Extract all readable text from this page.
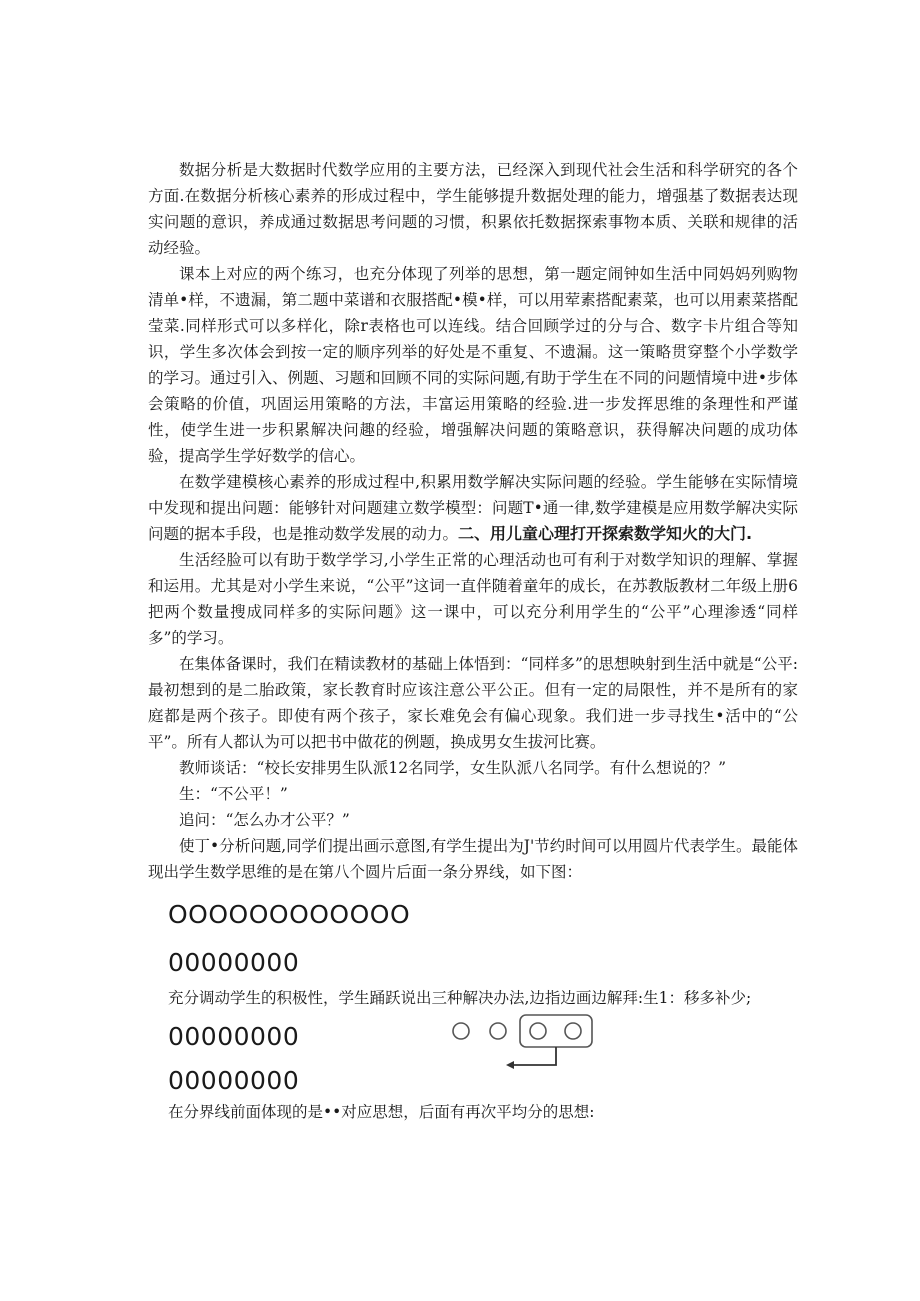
数据分析是大数据时代数学应用的主要方法，已经深入到现代社会生活和科学研究的各个方面.在数据分析核心素养的形成过程中，学生能够提升数据处理的能力，增强基了数据表达现实问题的意识，养成通过数据思考问题的习惯，积累依托数据探索事物本质、关联和规律的活动经验。

课本上对应的两个练习，也充分体现了列举的思想，第一题定闹钟如生活中同妈妈列购物清单•样，不遗漏，第二题中菜谱和衣服搭配•模•样，可以用荤素搭配素菜，也可以用素菜搭配莹菜.同样形式可以多样化，除r表格也可以连线。结合回顾学过的分与合、数字卡片组合等知识，学生多次体会到按一定的顺序列举的好处是不重复、不遗漏。这一策略贯穿整个小学数学的学习。通过引入、例题、习题和回顾不同的实际问题,有助于学生在不同的问题情境中进•步体会策略的价值，巩固运用策略的方法，丰富运用策略的经验.进一步发挥思维的条理性和严谨性，使学生进一步积累解决问趣的经验，增强解决问题的策略意识，获得解决问题的成功体验，提高学生学好数学的信心。

在数学建模核心素养的形成过程中,积累用数学解决实际问题的经验。学生能够在实际情境中发现和提出问题：能够针对问题建立数学模型：问题T•通一律,数学建模是应用数学解决实际问题的据本手段，也是推动数学发展的动力。二、用儿童心理打开探索数学知火的大门.

生活经脸可以有助于数学学习,小学生正常的心理活动也可有利于对数学知识的理解、掌握和运用。尤其是对小学生来说，“公平”这词一直伴随着童年的成长，在苏教版教材二年级上册6把两个数量搜成同样多的实际问题》这一课中，可以充分利用学生的“公平”心理渗透“同样多”的学习。

在集体备课时，我们在精读教材的基础上体悟到：“同样多”的思想映射到生活中就是“公平:最初想到的是二胎政策，家长教育时应该注意公平公正。但有一定的局限性，并不是所有的家庭都是两个孩子。即使有两个孩子，家长难免会有偏心现象。我们进一步寻找生•活中的“公平”。所有人都认为可以把书中做花的例题，换成男女生拔河比赛。

教师谈话：“校长安排男生队派12名同学，女生队派八名同学。有什么想说的？”

生：“不公平！”

追问：“怎么办才公平？”

使丁•分析问题,同学们提出画示意图,有学生提出为J'节约时间可以用圆片代表学生。最能体现出学生数学思维的是在第八个圆片后面一条分界线，如下图：

OOOOOOOOOOOO
00000000

充分调动学生的积极性，学生踊跃说出三种解决办法,边指边画边解拜:生1：移多补少;

00000000
00000000

在分界线前面体现的是••对应思想，后面有再次平均分的思想:
